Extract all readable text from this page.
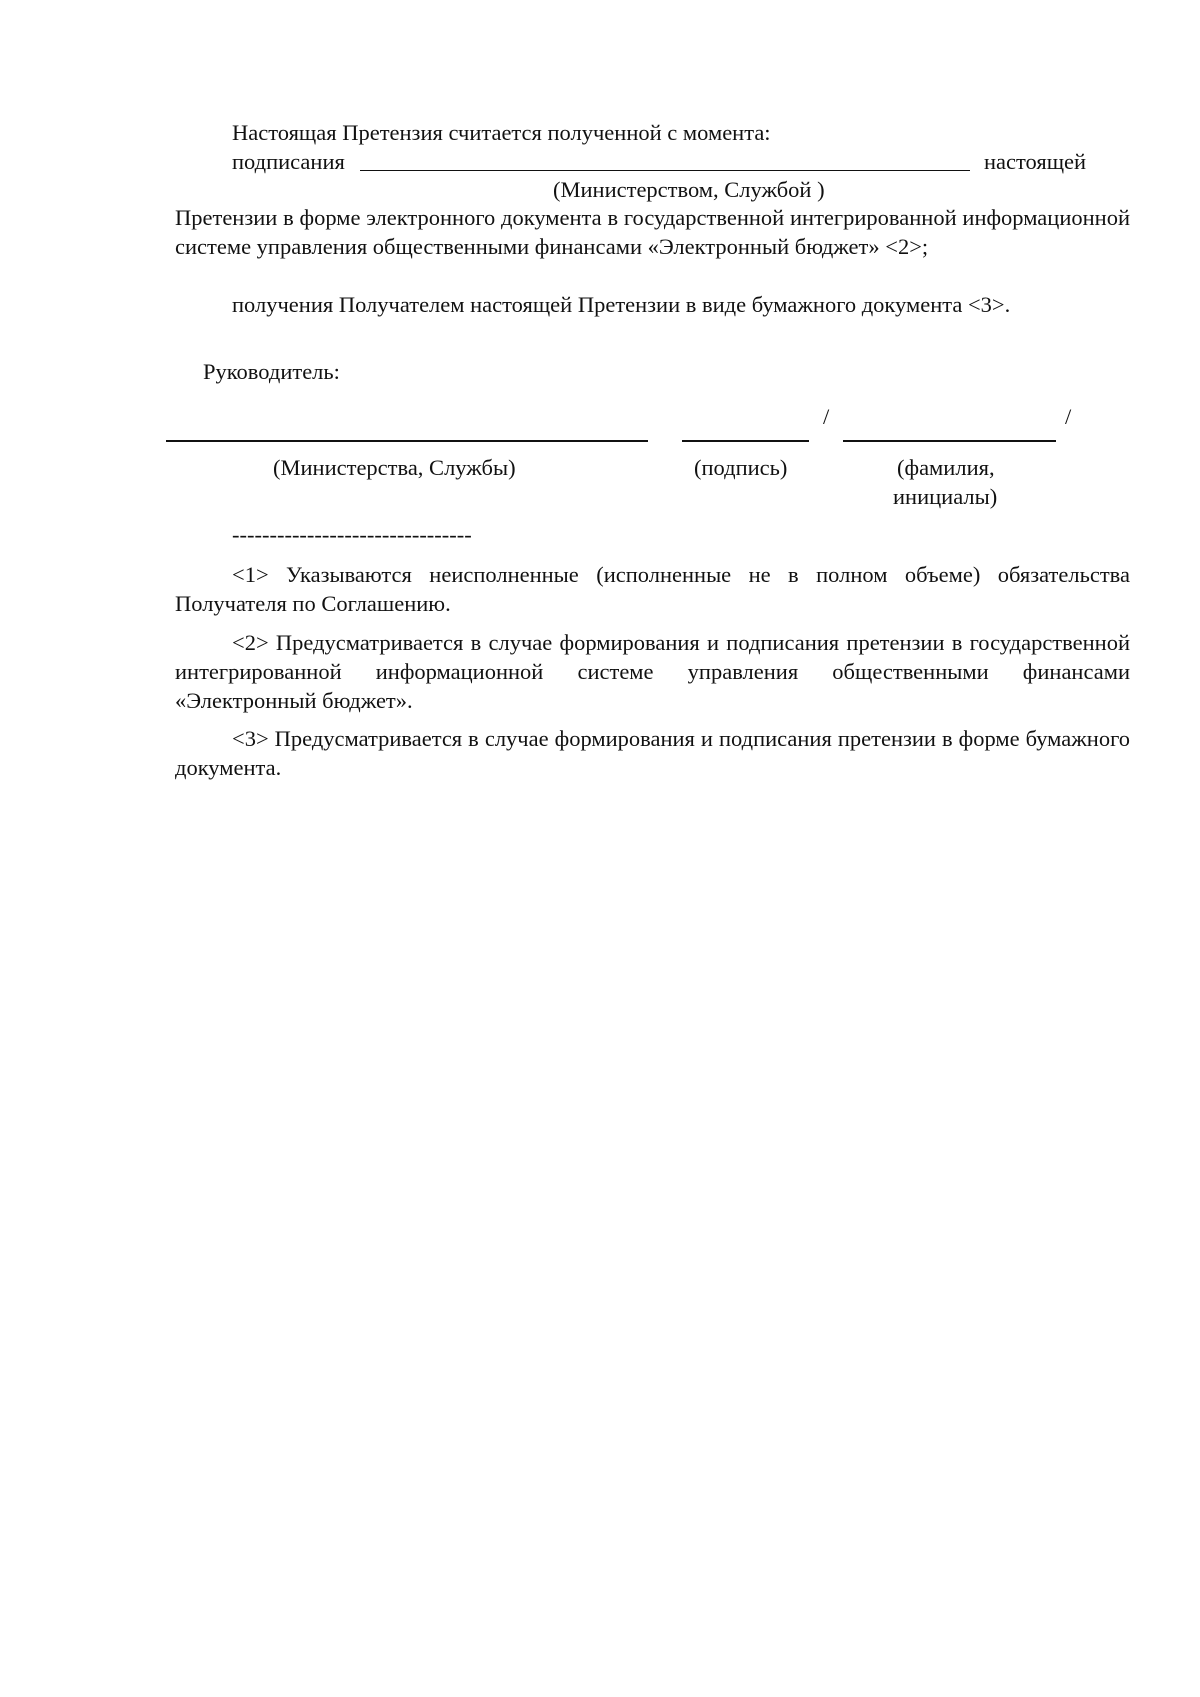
Настоящая Претензия считается полученной с момента:
подписания	настоящей
(Министерством, Службой )
Претензии в форме электронного документа в государственной интегрированной информационной системе управления общественными финансами «Электронный бюджет» <2>;
получения Получателем настоящей Претензии в виде бумажного документа <3>.
Руководитель:
/	/
(Министерства, Службы)	(подпись)	(фамилия,
инициалы)
--------------------------------
<1> Указываются неисполненные (исполненные не в полном объеме) обязательства Получателя по Соглашению.
<2> Предусматривается в случае формирования и подписания претензии в государственной интегрированной информационной системе управления общественными финансами «Электронный бюджет».
<3> Предусматривается в случае формирования и подписания претензии в форме бумажного документа.
